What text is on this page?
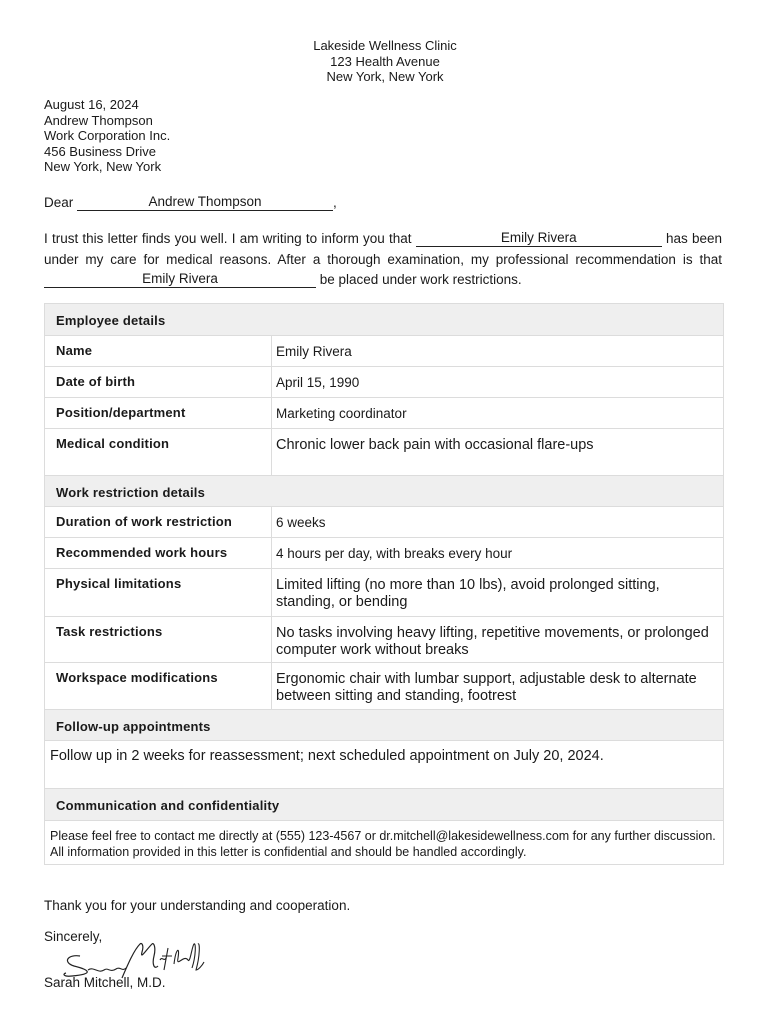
Lakeside Wellness Clinic
123 Health Avenue
New York, New York
August 16, 2024
Andrew Thompson
Work Corporation Inc.
456 Business Drive
New York, New York
Dear	Andrew Thompson	,
I trust this letter finds you well. I am writing to inform you that	Emily Rivera	has been under my care for medical reasons. After a thorough examination, my professional recommendation is that Emily Rivera	be placed under work restrictions.
Employee details	
Name	Emily Rivera
Date of birth	April 15, 1990
Position/department	Marketing coordinator
Medical condition	Chronic lower back pain with occasional flare-ups
Work restriction details	
Duration of work restriction	6 weeks
Recommended work hours	4 hours per day, with breaks every hour
Physical limitations	Limited lifting (no more than 10 lbs), avoid prolonged sitting, standing, or bending
Task restrictions	No tasks involving heavy lifting, repetitive movements, or prolonged computer work without breaks
Workspace modifications	Ergonomic chair with lumbar support, adjustable desk to alternate between sitting and standing, footrest
Follow-up appointments	
Follow up in 2 weeks for reassessment; next scheduled appointment on July 20, 2024.	
Communication and confidentiality	
Please feel free to contact me directly at (555) 123-4567 or dr.mitchell@lakesidewellness.com for any further discussion. All information provided in this letter is confidential and should be handled accordingly.	
Thank you for your understanding and cooperation.
Sincerely,
Sarah Mitchell, M.D.
